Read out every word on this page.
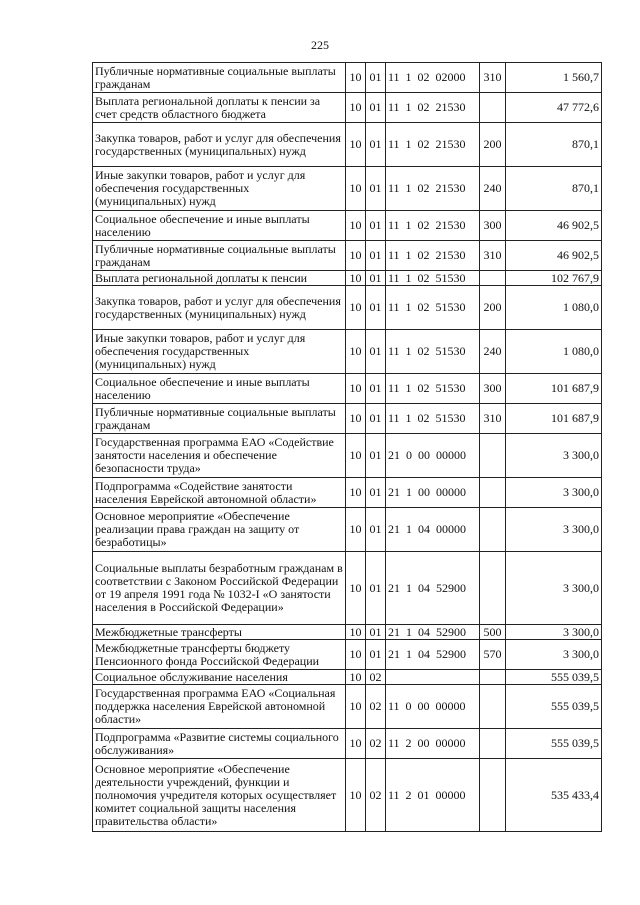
225
Публичные нормативные социальные выплаты гражданам	10	01	11  1  02  02000	310	1 560,7
Выплата региональной доплаты к пенсии за счет средств областного бюджета	10	01	11  1  02  21530		47 772,6
Закупка товаров, работ и услуг для обеспечения государственных (муниципальных) нужд	10	01	11  1  02  21530	200	870,1
Иные закупки товаров, работ и услуг для обеспечения государственных (муниципальных) нужд	10	01	11  1  02  21530	240	870,1
Социальное обеспечение и иные выплаты населению	10	01	11  1  02  21530	300	46 902,5
Публичные нормативные социальные выплаты гражданам	10	01	11  1  02  21530	310	46 902,5
Выплата региональной доплаты к пенсии	10	01	11  1  02  51530		102 767,9
Закупка товаров, работ и услуг для обеспечения государственных (муниципальных) нужд	10	01	11  1  02  51530	200	1 080,0
Иные закупки товаров, работ и услуг для обеспечения государственных (муниципальных) нужд	10	01	11  1  02  51530	240	1 080,0
Социальное обеспечение и иные выплаты населению	10	01	11  1  02  51530	300	101 687,9
Публичные нормативные социальные выплаты гражданам	10	01	11  1  02  51530	310	101 687,9
Государственная программа ЕАО «Содействие занятости населения и обеспечение безопасности труда»	10	01	21  0  00  00000		3 300,0
Подпрограмма «Содействие занятости населения Еврейской автономной области»	10	01	21  1  00  00000		3 300,0
Основное мероприятие «Обеспечение реализации права граждан на защиту от безработицы»	10	01	21  1  04  00000		3 300,0
Социальные выплаты безработным гражданам в соответствии с Законом Российской Федерации от 19 апреля 1991 года № 1032-I «О занятости населения в Российской Федерации»	10	01	21  1  04  52900		3 300,0
Межбюджетные трансферты	10	01	21  1  04  52900	500	3 300,0
Межбюджетные трансферты бюджету Пенсионного фонда Российской Федерации	10	01	21  1  04  52900	570	3 300,0
Социальное обслуживание населения	10	02			555 039,5
Государственная программа ЕАО «Социальная поддержка населения Еврейской автономной области»	10	02	11  0  00  00000		555 039,5
Подпрограмма «Развитие системы социального обслуживания»	10	02	11  2  00  00000		555 039,5
Основное мероприятие «Обеспечение деятельности учреждений, функции и полномочия учредителя которых осуществляет комитет социальной защиты населения правительства области»	10	02	11  2  01  00000		535 433,4
